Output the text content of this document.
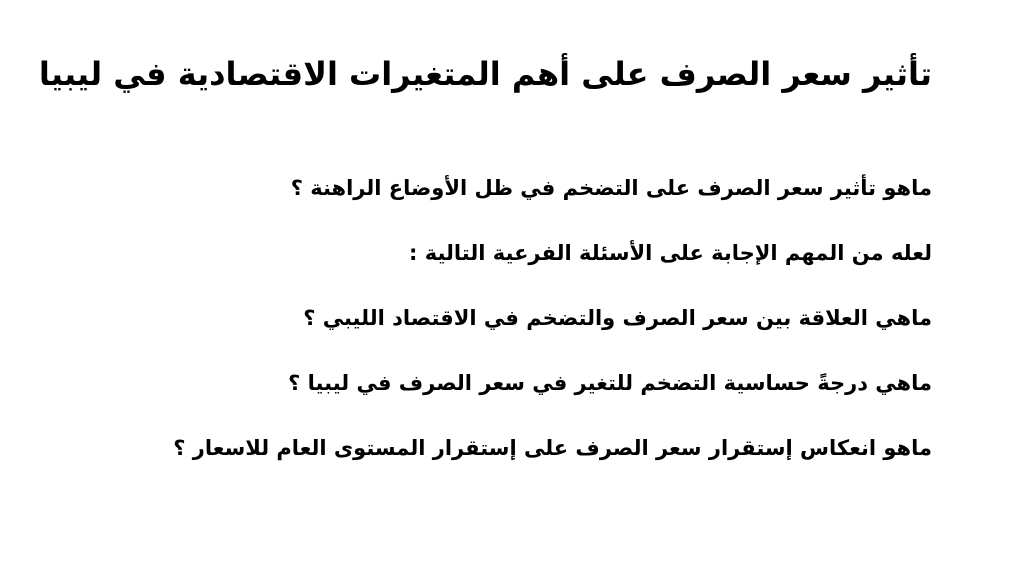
تأثير سعر الصرف على أهم المتغيرات الاقتصادية في ليبيا
ماهو تأثير سعر الصرف على التضخم في ظل الأوضاع الراهنة ؟
لعله من المهم الإجابة على الأسئلة الفرعية التالية :
ماهي العلاقة بين سعر الصرف والتضخم في الاقتصاد الليبي ؟
ماهي درجةً حساسية التضخم للتغير في سعر الصرف في ليبيا ؟
ماهو انعكاس إستقرار سعر الصرف على إستقرار المستوى العام للاسعار ؟
